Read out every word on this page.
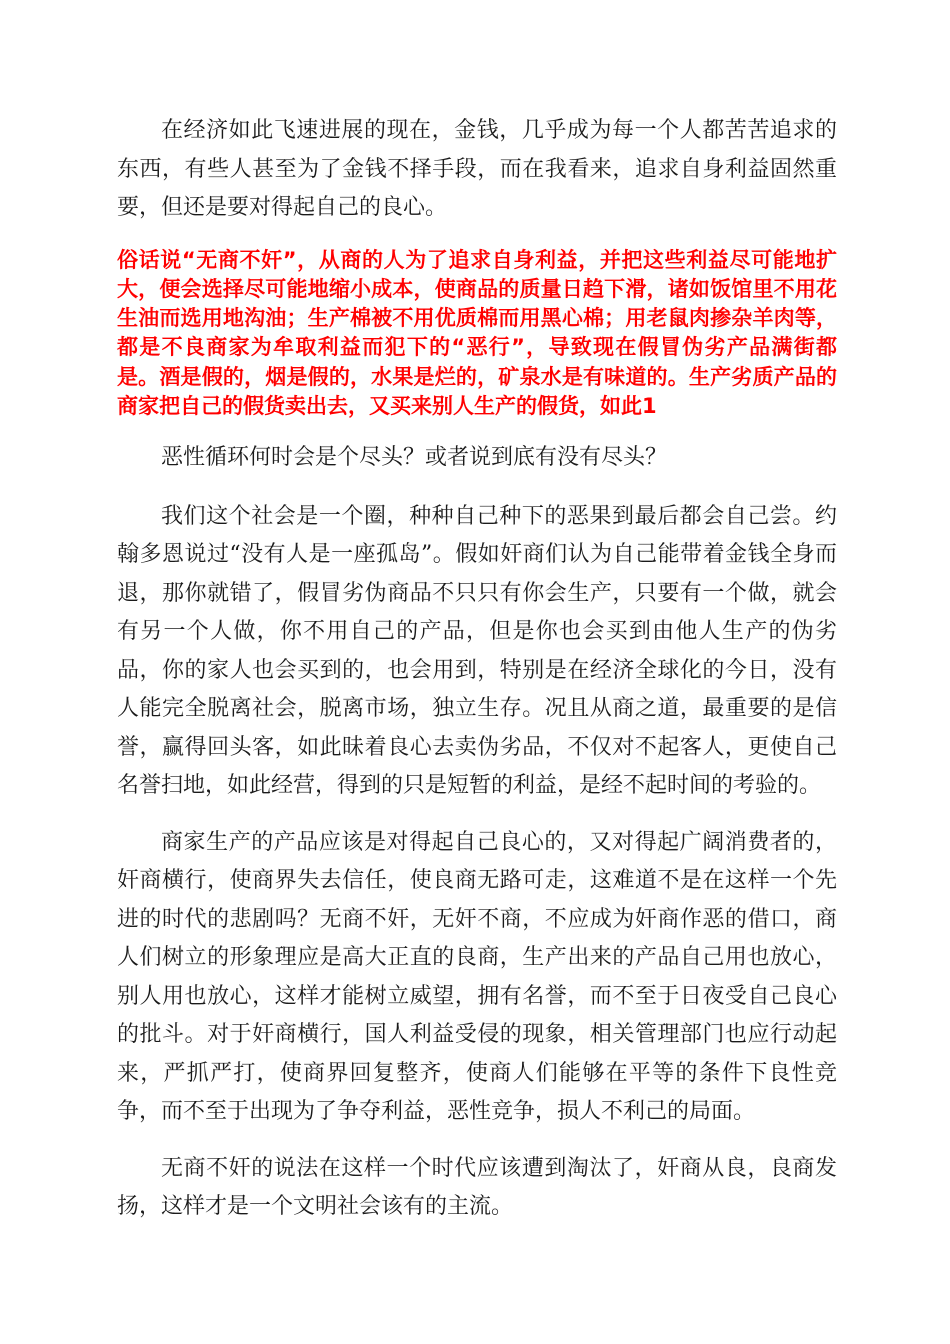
在经济如此飞速进展的现在，金钱，几乎成为每一个人都苦苦追求的东西，有些人甚至为了金钱不择手段，而在我看来，追求自身利益固然重要，但还是要对得起自己的良心。

俗话说“无商不奸”，从商的人为了追求自身利益，并把这些利益尽可能地扩大，便会选择尽可能地缩小成本，使商品的质量日趋下滑，诸如饭馆里不用花生油而选用地沟油；生产棉被不用优质棉而用黑心棉；用老鼠肉掺杂羊肉等，都是不良商家为牟取利益而犯下的“恶行”，导致现在假冒伪劣产品满街都是。酒是假的，烟是假的，水果是烂的，矿泉水是有味道的。生产劣质产品的商家把自己的假货卖出去，又买来别人生产的假货，如此1

恶性循环何时会是个尽头？或者说到底有没有尽头？

我们这个社会是一个圈，种种自己种下的恶果到最后都会自己尝。约翰多恩说过“没有人是一座孤岛”。假如奸商们认为自己能带着金钱全身而退，那你就错了，假冒劣伪商品不只只有你会生产，只要有一个做，就会有另一个人做，你不用自己的产品，但是你也会买到由他人生产的伪劣品，你的家人也会买到的，也会用到，特别是在经济全球化的今日，没有人能完全脱离社会，脱离市场，独立生存。况且从商之道，最重要的是信誉，赢得回头客，如此昧着良心去卖伪劣品，不仅对不起客人，更使自己名誉扫地，如此经营，得到的只是短暂的利益，是经不起时间的考验的。

商家生产的产品应该是对得起自己良心的，又对得起广阔消费者的，奸商横行，使商界失去信任，使良商无路可走，这难道不是在这样一个先进的时代的悲剧吗？无商不奸，无奸不商，不应成为奸商作恶的借口，商人们树立的形象理应是高大正直的良商，生产出来的产品自己用也放心，别人用也放心，这样才能树立威望，拥有名誉，而不至于日夜受自己良心的批斗。对于奸商横行，国人利益受侵的现象，相关管理部门也应行动起来，严抓严打，使商界回复整齐，使商人们能够在平等的条件下良性竞争，而不至于出现为了争夺利益，恶性竞争，损人不利己的局面。

无商不奸的说法在这样一个时代应该遭到淘汰了，奸商从良，良商发扬，这样才是一个文明社会该有的主流。
